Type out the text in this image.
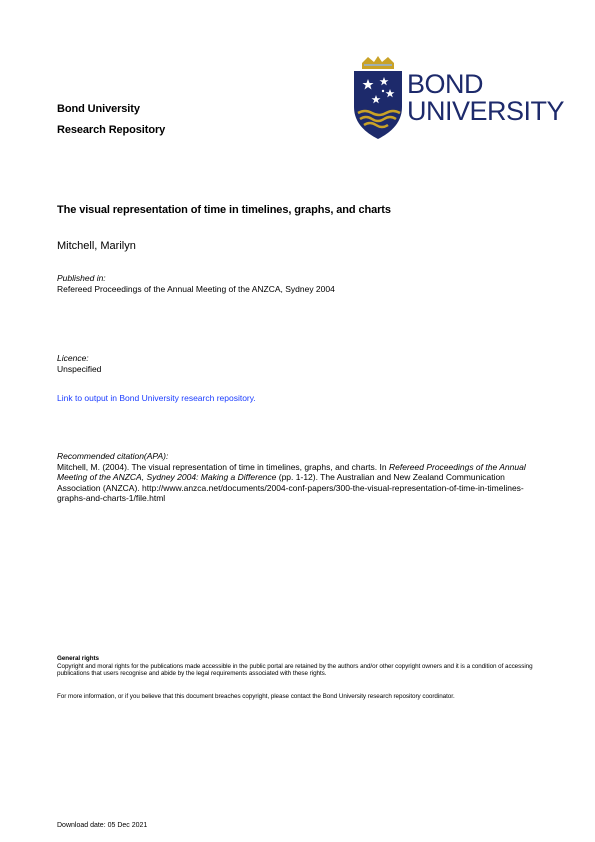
BOND
UNIVERSITY
Bond University
Research Repository
The visual representation of time in timelines, graphs, and charts
Mitchell, Marilyn
Published in:
Refereed Proceedings of the Annual Meeting of the ANZCA, Sydney 2004
Licence:
Unspecified
Link to output in Bond University research repository.
Recommended citation(APA):
Mitchell, M. (2004). The visual representation of time in timelines, graphs, and charts. In Refereed Proceedings of the Annual Meeting of the ANZCA, Sydney 2004: Making a Difference (pp. 1-12). The Australian and New Zealand Communication Association (ANZCA). http://www.anzca.net/documents/2004-conf-papers/300-the-visual-representation-of-time-in-timelines-graphs-and-charts-1/file.html
General rights
Copyright and moral rights for the publications made accessible in the public portal are retained by the authors and/or other copyright owners and it is a condition of accessing publications that users recognise and abide by the legal requirements associated with these rights.
For more information, or if you believe that this document breaches copyright, please contact the Bond University research repository coordinator.
Download date: 05 Dec 2021
